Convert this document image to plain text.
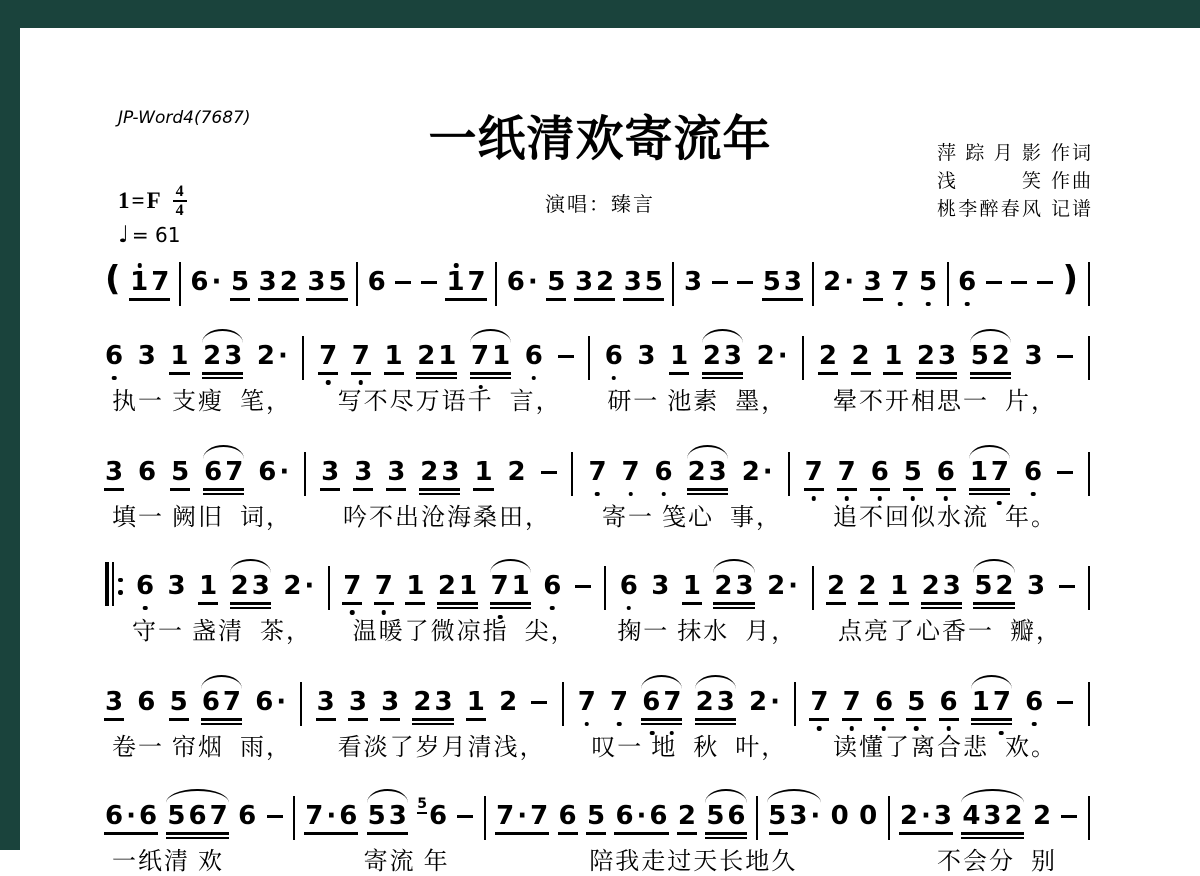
JP-Word4(7687)	一纸清欢寄流年
演唱：臻言
萍踪月影 作词
浅笑 作曲
桃李醉春风 记谱
1= F 4
4
♩ = 61
( 17 6· 5 32 35 6 17 6· 5 32 35 3 53 2· 3 7 5 6 )
6 3 1 23 2· 7 7 1 21 71 6 6 3 1 23 2· 2 2 1 23 52 3
执一 支瘦  笔， 写不尽万语千  言， 研一 池素  墨， 晕不开相思一  片，
3 6 5 67 6· 3 3 3 23 1 2 7 7 6 23 2· 7 7 6 5 6 17 6
填一 阙旧  词， 吟不出沧海桑田， 寄一 笺心  事， 追不回似水流  年。
6 3 1 23 2· 7 7 1 21 71 6 6 3 1 23 2· 2 2 1 23 52 3
守一 盏清  茶， 温暖了微凉指  尖， 掬一 抹水  月， 点亮了心香一  瓣，
3 6 5 67 6· 3 3 3 23 1 2 7 7 67 23 2· 7 7 6 5 6 17 6
卷一 帘烟  雨， 看淡了岁月清浅， 叹一 地  秋  叶， 读懂了离合悲  欢。
6·6 567 6 7·6 53 5 6 7·7 6 5 6·6 2 56 53· 0 0 2·3 432 2
一纸清 欢	寄流 年	陪我走过天长地久	不会分  别
